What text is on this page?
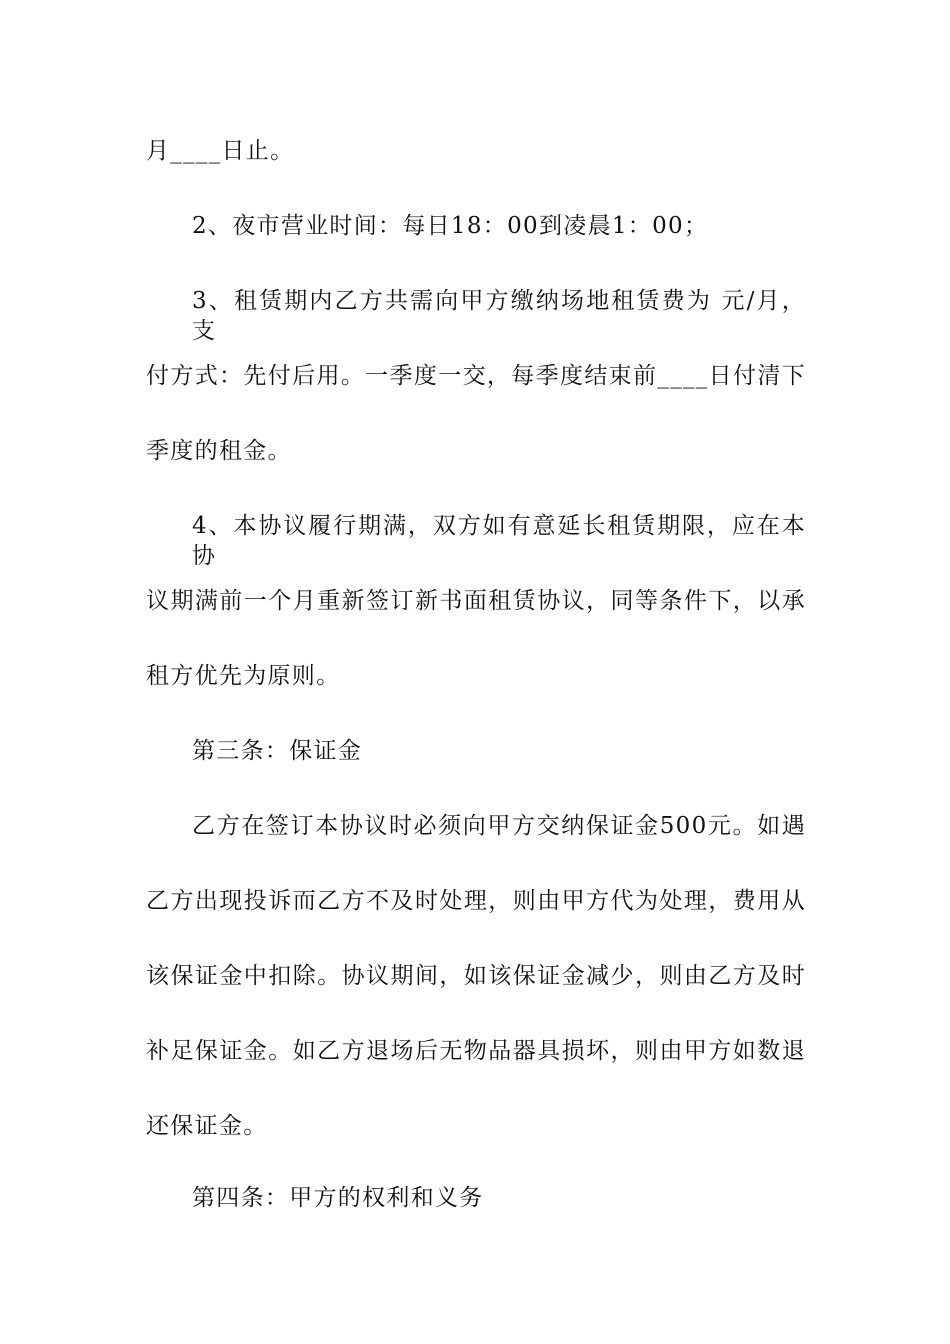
月____日止。
2、夜市营业时间：每日18：00到凌晨1：00；
3、租赁期内乙方共需向甲方缴纳场地租赁费为 元/月，支
付方式：先付后用。一季度一交，每季度结束前____日付清下
季度的租金。
4、本协议履行期满，双方如有意延长租赁期限，应在本协
议期满前一个月重新签订新书面租赁协议，同等条件下，以承
租方优先为原则。
第三条：保证金
乙方在签订本协议时必须向甲方交纳保证金500元。如遇
乙方出现投诉而乙方不及时处理，则由甲方代为处理，费用从
该保证金中扣除。协议期间，如该保证金减少，则由乙方及时
补足保证金。如乙方退场后无物品器具损坏，则由甲方如数退
还保证金。
第四条：甲方的权利和义务
